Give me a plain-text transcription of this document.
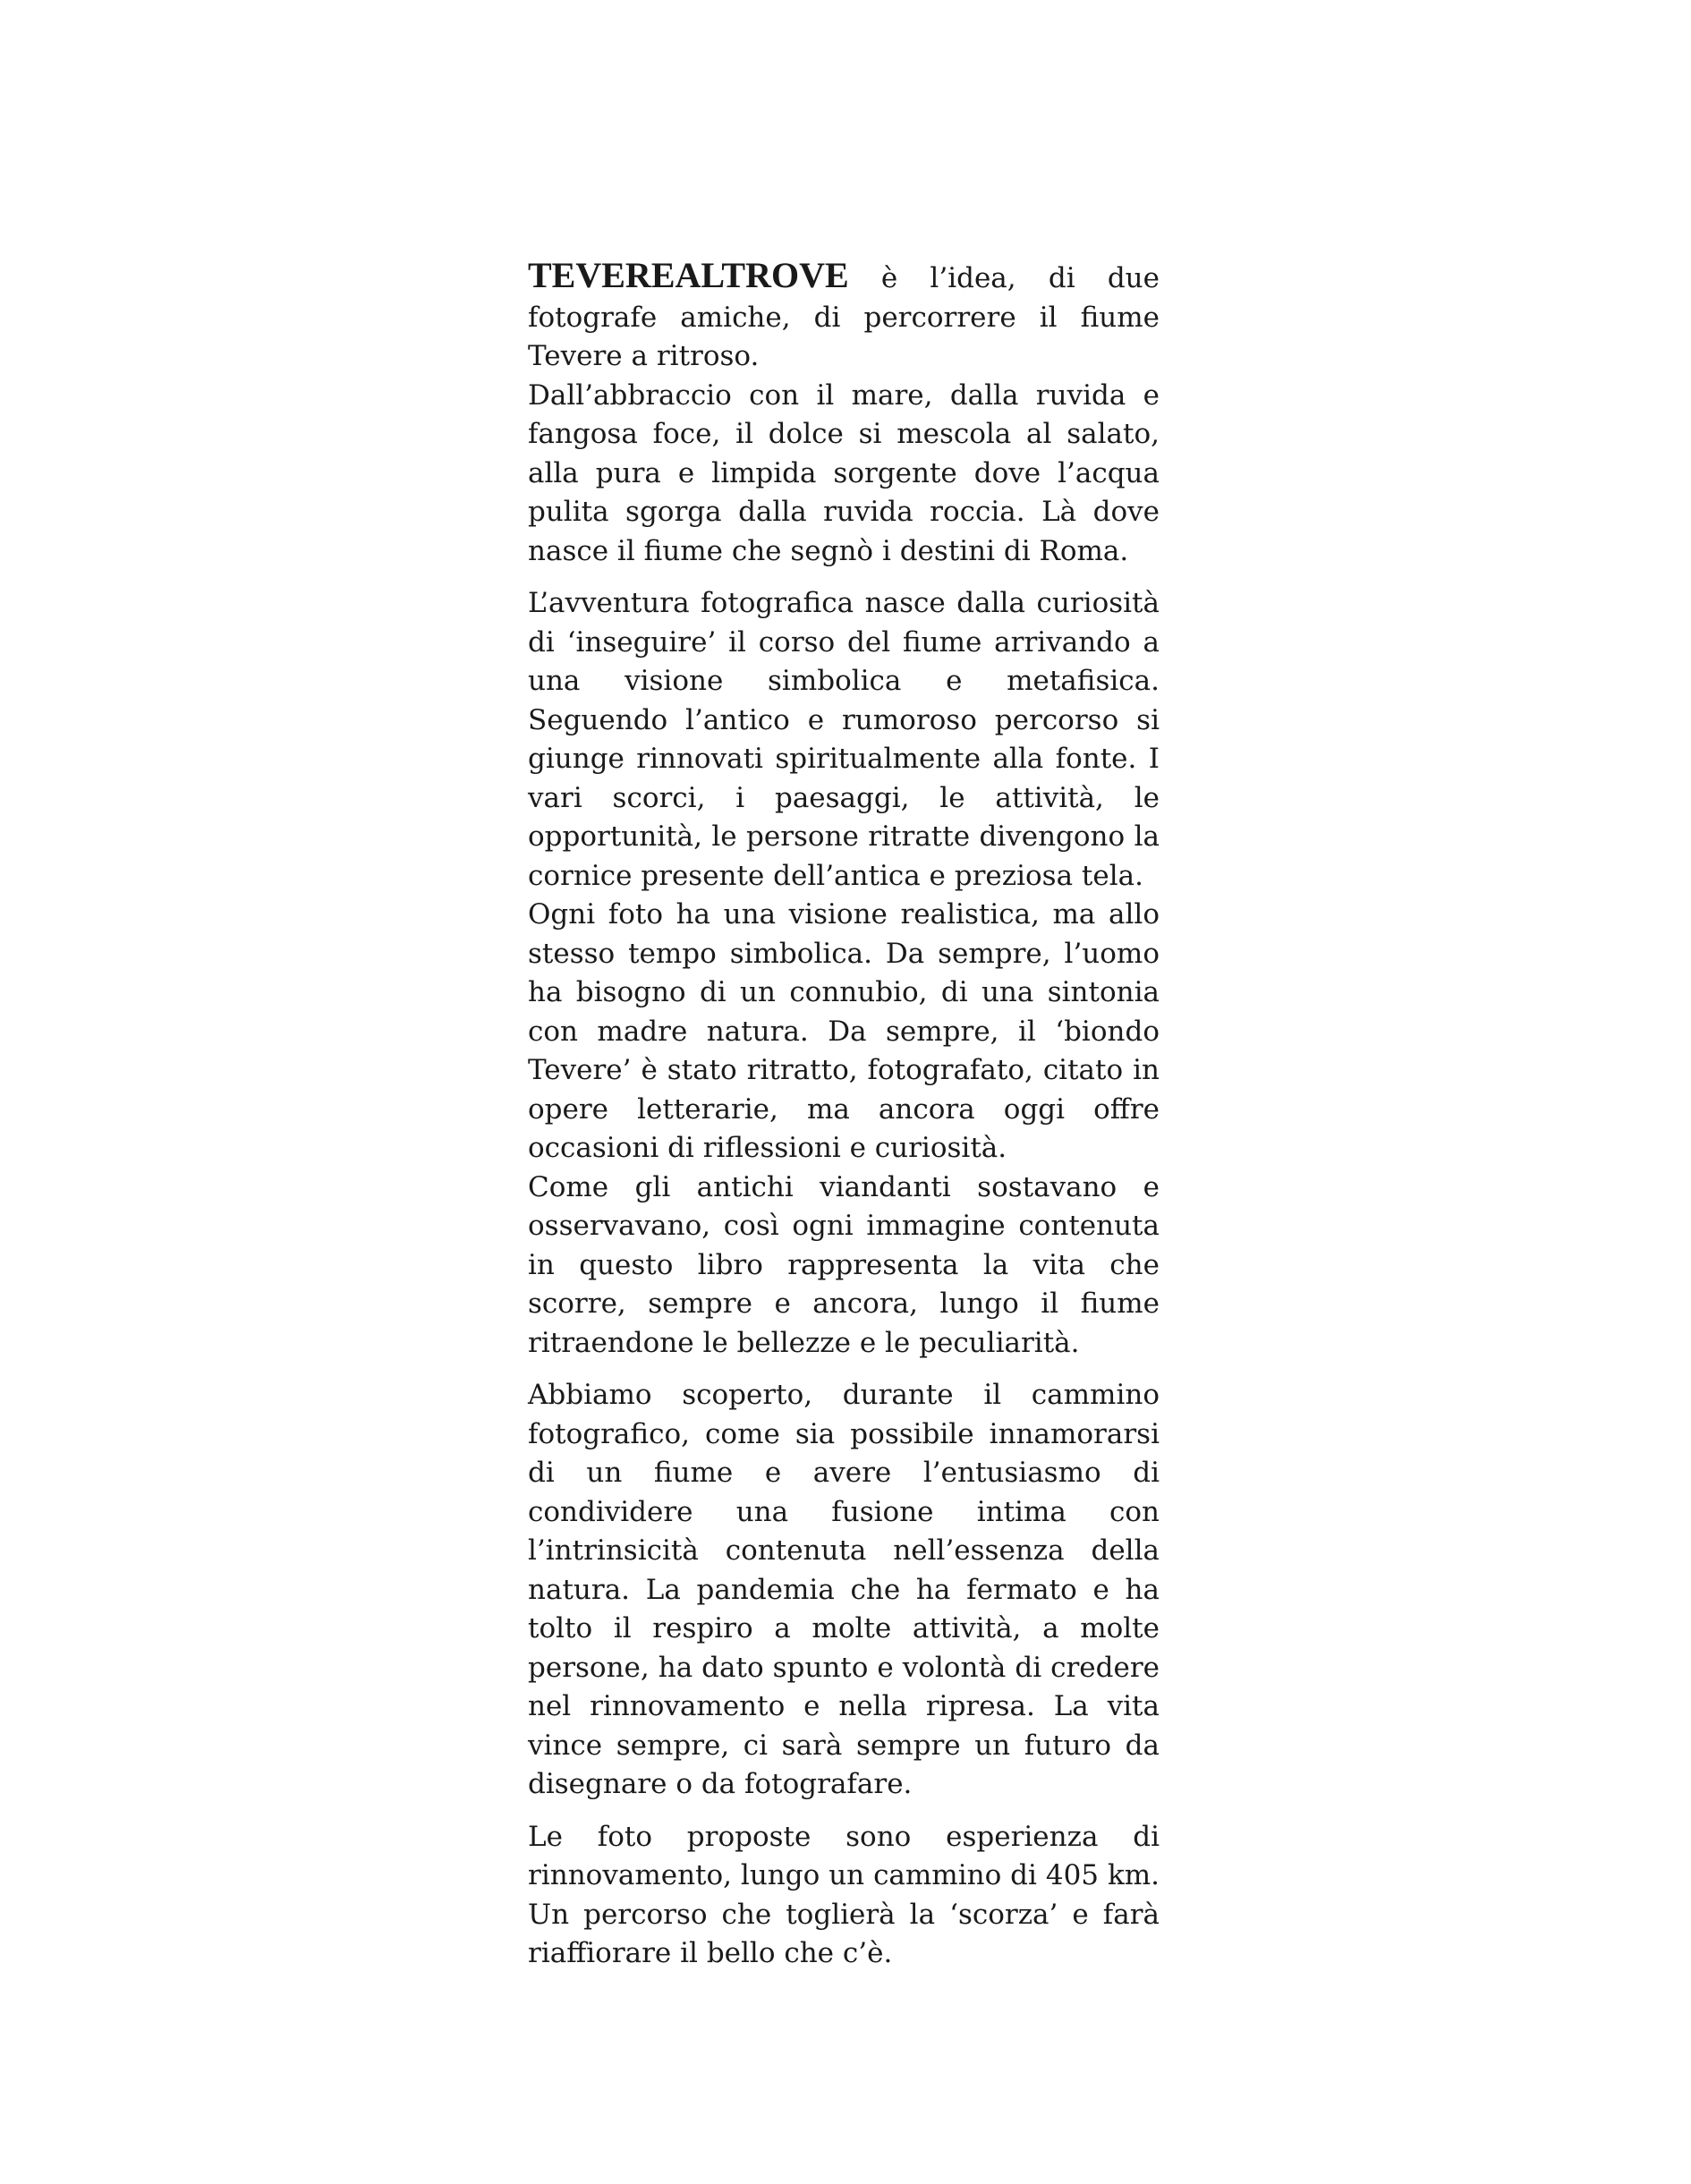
TEVEREALTROVE è l’idea, di due fotografe amiche, di percorrere il fiume Tevere a ritroso.

Dall’abbraccio con il mare, dalla ruvida e fangosa foce, il dolce si mescola al salato, alla pura e limpida sorgente dove l’acqua pulita sgorga dalla ruvida roccia. Là dove nasce il fiume che segnò i destini di Roma.

L’avventura fotografica nasce dalla curiosità di ‘inseguire’ il corso del fiume arrivando a una visione simbolica e metafisica. Seguendo l’antico e rumoroso percorso si giunge rinnovati spiritualmente alla fonte. I vari scorci, i paesaggi, le attività, le opportunità, le persone ritratte divengono la cornice presente dell’antica e preziosa tela.

Ogni foto ha una visione realistica, ma allo stesso tempo simbolica. Da sempre, l’uomo ha bisogno di un connubio, di una sintonia con madre natura. Da sempre, il ‘biondo Tevere’ è stato ritratto, fotografato, citato in opere letterarie, ma ancora oggi offre occasioni di riflessioni e curiosità.

Come gli antichi viandanti sostavano e osservavano, così ogni immagine contenuta in questo libro rappresenta la vita che scorre, sempre e ancora, lungo il fiume ritraendone le bellezze e le peculiarità.

Abbiamo scoperto, durante il cammino fotografico, come sia possibile innamorarsi di un fiume e avere l’entusiasmo di condividere una fusione intima con l’intrinsicità contenuta nell’essenza della natura. La pandemia che ha fermato e ha tolto il respiro a molte attività, a molte persone, ha dato spunto e volontà di credere nel rinnovamento e nella ripresa. La vita vince sempre, ci sarà sempre un futuro da disegnare o da fotografare.

Le foto proposte sono esperienza di rinnovamento, lungo un cammino di 405 km. Un percorso che toglierà la ‘scorza’ e farà riaffiorare il bello che c’è.
